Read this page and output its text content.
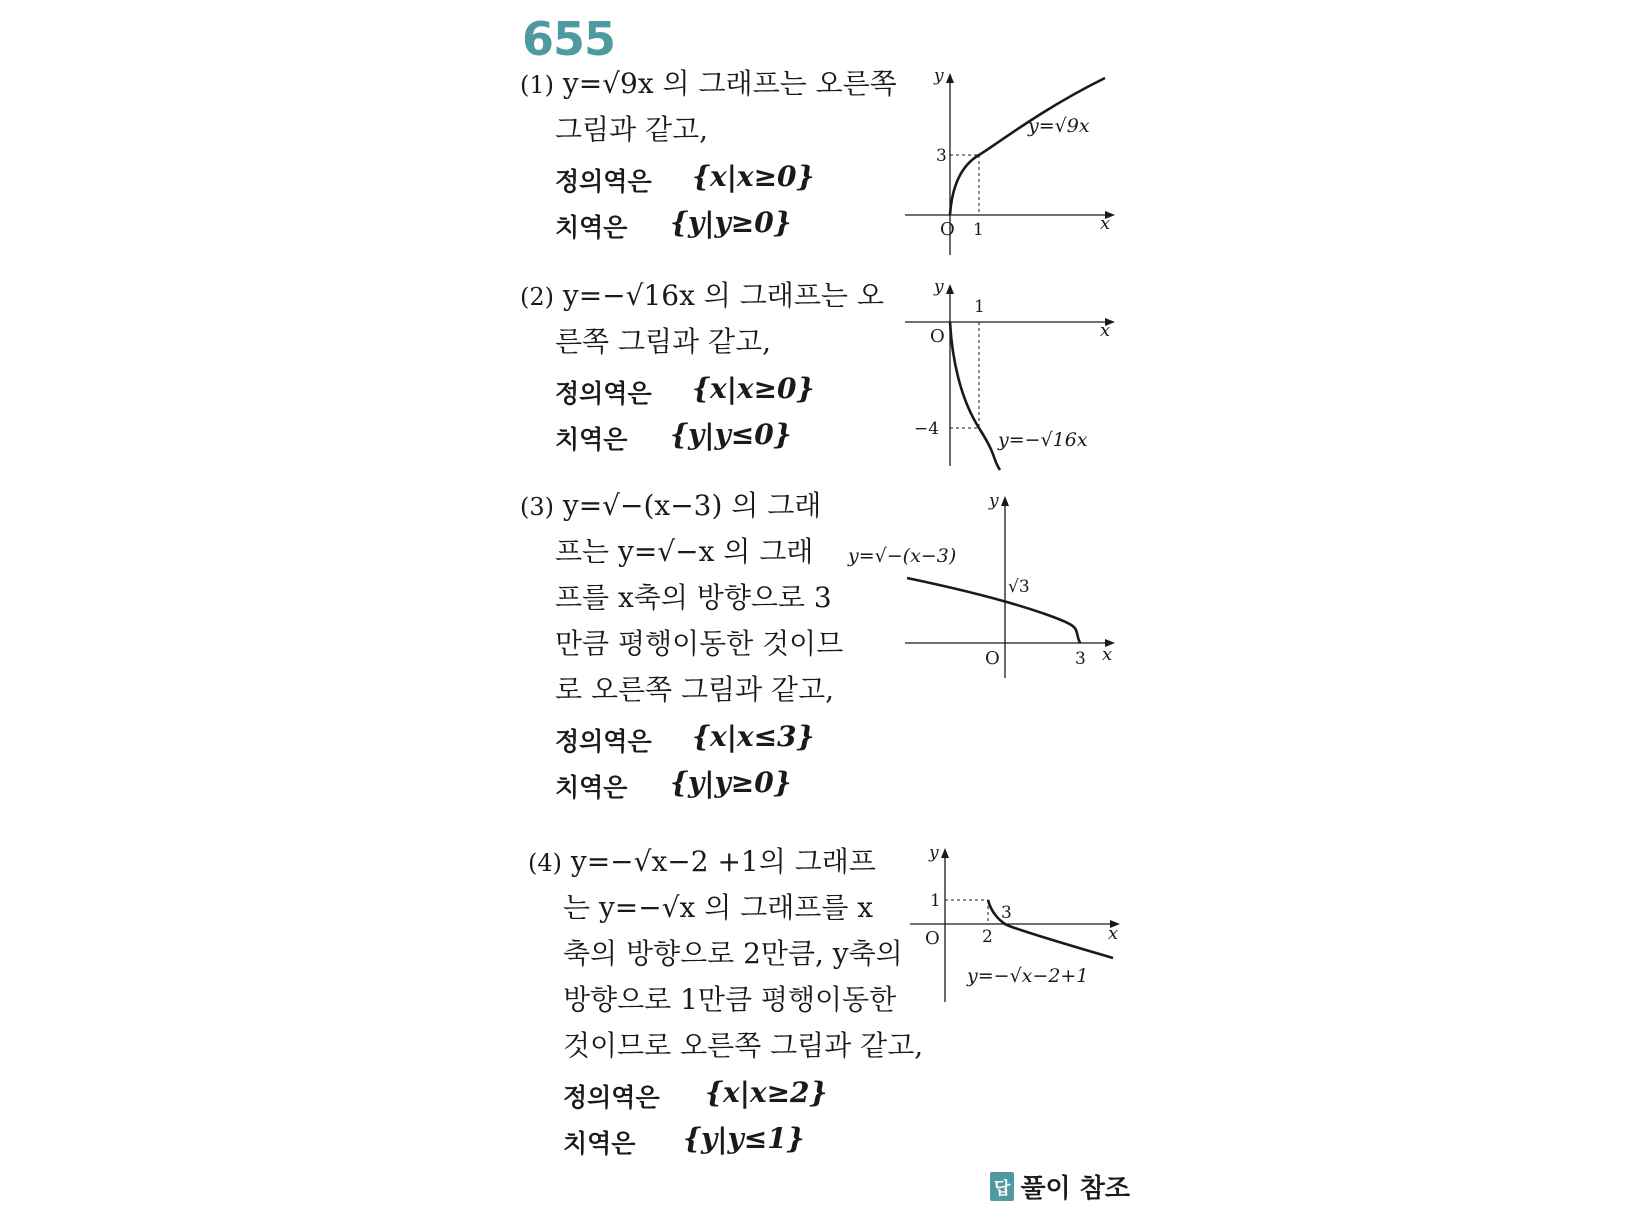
655
(1) y=√9x 의 그래프는 오른쪽
그림과 같고,
정의역은 {x|x≥0}
치역은 {y|y≥0}	O 1
3
x
y
y=√9x
(2) y=−√16x 의 그래프는 오
른쪽 그림과 같고,
정의역은 {x|x≥0}
치역은 {y|y≤0}
O
1
−4
x
y
y=−√16x
(3) y=√−(x−3) 의 그래
프는 y=√−x 의 그래
프를 x축의 방향으로 3
만큼 평행이동한 것이므
로 오른쪽 그림과 같고,
정의역은 {x|x≤3}
치역은 {y|y≥0}
O	3
√3
x
y
y=√−(x−3)
(4) y=−√x−2 +1의 그래프
는 y=−√x 의 그래프를 x
축의 방향으로 2만큼, y축의
방향으로 1만큼 평행이동한
것이므로 오른쪽 그림과 같고,
정의역은 {x|x≥2}
치역은 {y|y≤1}
O 2
3
1
x
y
y=−√x−2+1
답 풀이 참조
